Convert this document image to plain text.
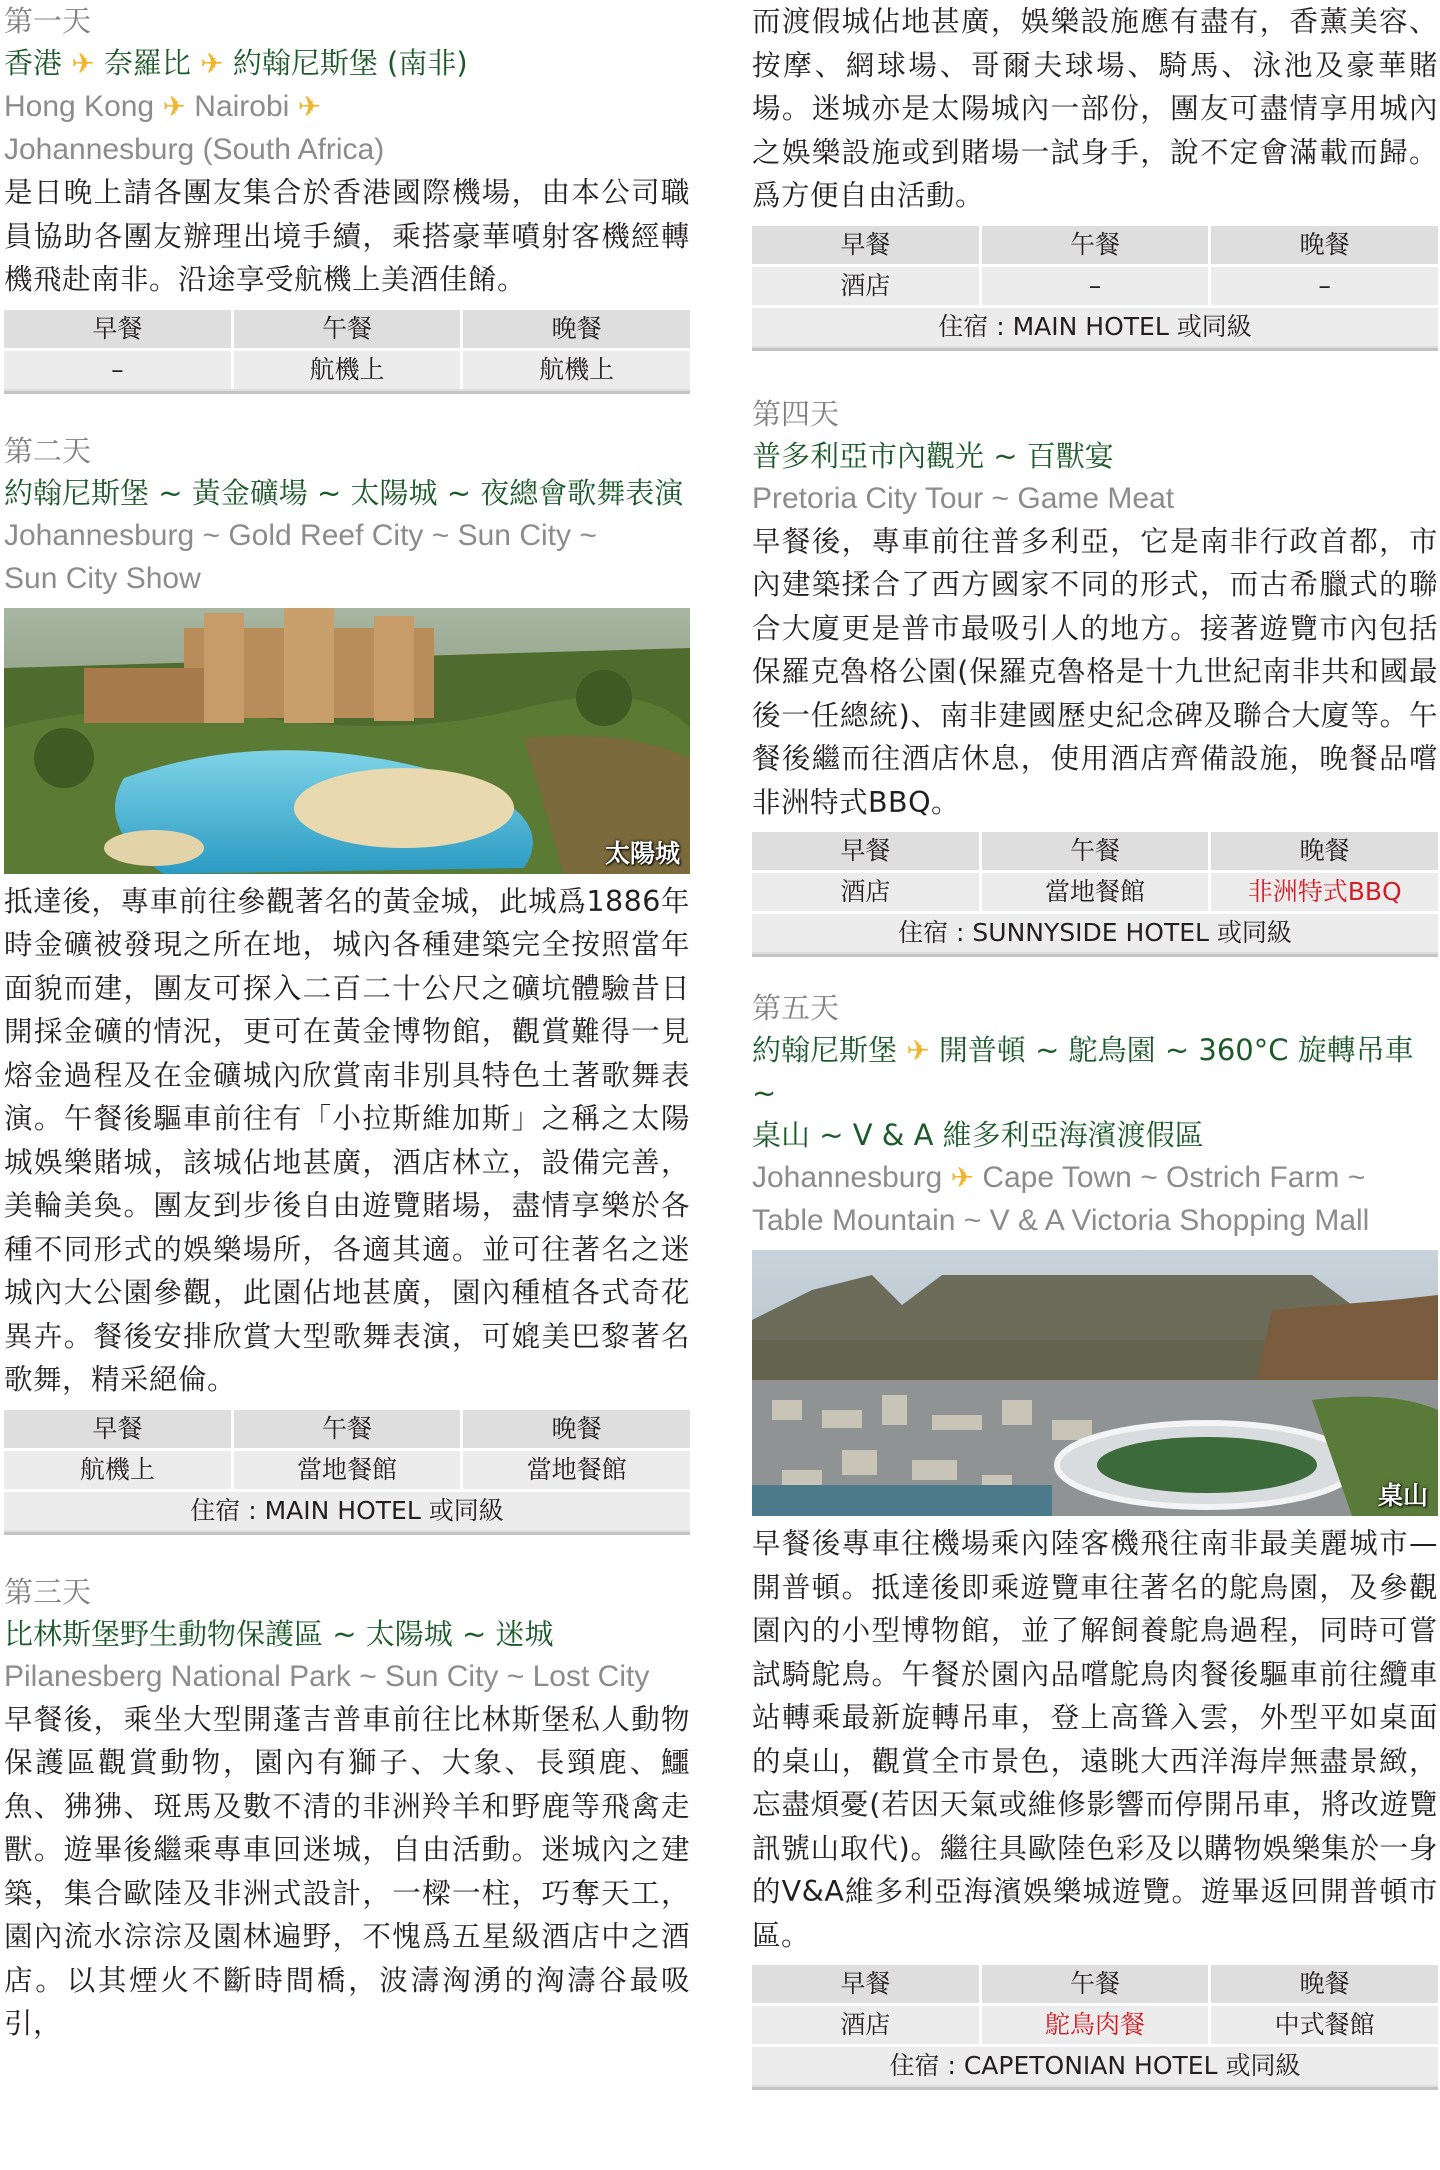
第一天
香港 ✈ 奈羅比 ✈ 約翰尼斯堡 (南非)
Hong Kong ✈ Nairobi ✈
Johannesburg (South Africa)
是日晚上請各團友集合於香港國際機場，由本公司職員協助各團友辦理出境手續，乘搭豪華噴射客機經轉機飛赴南非。沿途享受航機上美酒佳餚。
早餐	午餐	晚餐
–	航機上	航機上
第二天
約翰尼斯堡 ~ 黃金礦場 ~ 太陽城 ~ 夜總會歌舞表演
Johannesburg ~ Gold Reef City ~ Sun City ~
Sun City Show
太陽城
抵達後，專車前往參觀著名的黃金城，此城爲1886年時金礦被發現之所在地，城內各種建築完全按照當年面貌而建，團友可探入二百二十公尺之礦坑體驗昔日開採金礦的情況，更可在黃金博物館，觀賞難得一見熔金過程及在金礦城內欣賞南非別具特色土著歌舞表演。午餐後驅車前往有「小拉斯維加斯」之稱之太陽城娛樂賭城，該城佔地甚廣，酒店林立，設備完善，美輪美奐。團友到步後自由遊覽賭場，盡情享樂於各種不同形式的娛樂場所，各適其適。並可往著名之迷城內大公園參觀，此園佔地甚廣，園內種植各式奇花異卉。餐後安排欣賞大型歌舞表演，可媲美巴黎著名歌舞，精采絕倫。
早餐	午餐	晚餐
航機上	當地餐館	當地餐館
住宿 : MAIN HOTEL 或同級
第三天
比林斯堡野生動物保護區 ~ 太陽城 ~ 迷城
Pilanesberg National Park ~ Sun City ~ Lost City
早餐後，乘坐大型開蓬吉普車前往比林斯堡私人動物保護區觀賞動物，園內有獅子、大象、長頸鹿、鱷魚、狒狒、斑馬及數不清的非洲羚羊和野鹿等飛禽走獸。遊畢後繼乘專車回迷城，自由活動。迷城內之建築，集合歐陸及非洲式設計，一樑一柱，巧奪天工，園內流水淙淙及園林遍野，不愧爲五星級酒店中之酒店。以其煙火不斷時間橋，波濤洶湧的洶濤谷最吸引，
而渡假城佔地甚廣，娛樂設施應有盡有，香薰美容、按摩、網球場、哥爾夫球場、騎馬、泳池及豪華賭場。迷城亦是太陽城內一部份，團友可盡情享用城內之娛樂設施或到賭場一試身手，說不定會滿載而歸。爲方便自由活動。
早餐	午餐	晚餐
酒店	–	–
住宿 : MAIN HOTEL 或同級
第四天
普多利亞市內觀光 ~ 百獸宴
Pretoria City Tour ~ Game Meat
早餐後，專車前往普多利亞，它是南非行政首都，市內建築揉合了西方國家不同的形式，而古希臘式的聯合大廈更是普市最吸引人的地方。接著遊覽市內包括保羅克魯格公園(保羅克魯格是十九世紀南非共和國最後一任總統)、南非建國歷史紀念碑及聯合大廈等。午餐後繼而往酒店休息，使用酒店齊備設施，晚餐品嚐非洲特式BBQ。
早餐	午餐	晚餐
酒店	當地餐館	非洲特式BBQ
住宿 : SUNNYSIDE HOTEL 或同級
第五天
約翰尼斯堡 ✈ 開普頓 ~ 鴕鳥園 ~ 360°C 旋轉吊車 ~
桌山 ~ V & A 維多利亞海濱渡假區
Johannesburg ✈ Cape Town ~ Ostrich Farm ~
Table Mountain ~ V & A Victoria Shopping Mall
桌山
早餐後專車往機場乘內陸客機飛往南非最美麗城市—開普頓。抵達後即乘遊覽車往著名的鴕鳥園，及參觀園內的小型博物館，並了解飼養鴕鳥過程，同時可嘗試騎鴕鳥。午餐於園內品嚐鴕鳥肉餐後驅車前往纜車站轉乘最新旋轉吊車，登上高聳入雲，外型平如桌面的桌山，觀賞全市景色，遠眺大西洋海岸無盡景緻，忘盡煩憂(若因天氣或維修影響而停開吊車，將改遊覽訊號山取代)。繼往具歐陸色彩及以購物娛樂集於一身的V&A維多利亞海濱娛樂城遊覽。遊畢返回開普頓市區。
早餐	午餐	晚餐
酒店	鴕鳥肉餐	中式餐館
住宿 : CAPETONIAN HOTEL 或同級
